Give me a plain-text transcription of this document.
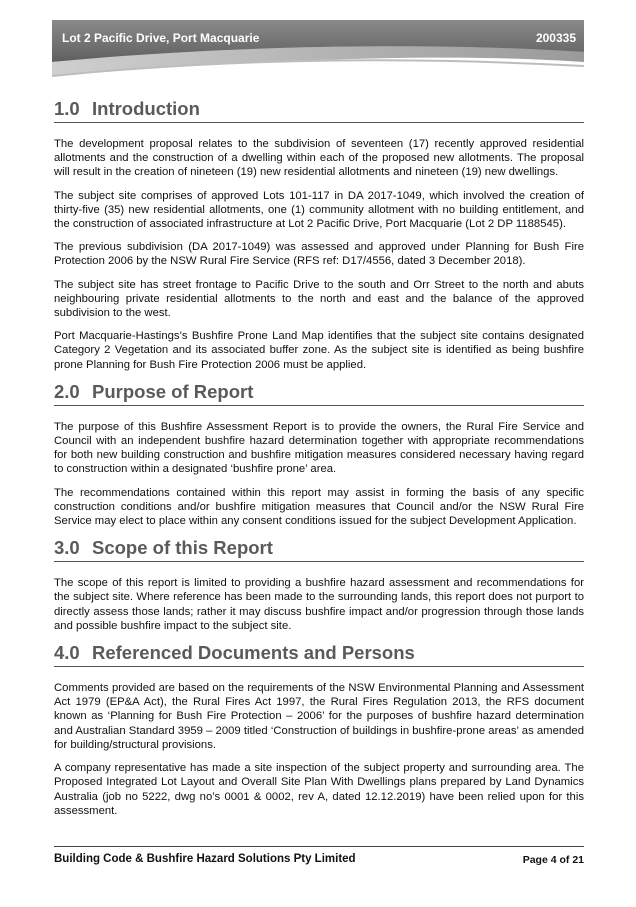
Lot 2 Pacific Drive, Port Macquarie	200335
1.0 Introduction

The development proposal relates to the subdivision of seventeen (17) recently approved residential allotments and the construction of a dwelling within each of the proposed new allotments. The proposal will result in the creation of nineteen (19) new residential allotments and nineteen (19) new dwellings.

The subject site comprises of approved Lots 101-117 in DA 2017-1049, which involved the creation of thirty-five (35) new residential allotments, one (1) community allotment with no building entitlement, and the construction of associated infrastructure at Lot 2 Pacific Drive, Port Macquarie (Lot 2 DP 1188545).

The previous subdivision (DA 2017-1049) was assessed and approved under Planning for Bush Fire Protection 2006 by the NSW Rural Fire Service (RFS ref: D17/4556, dated 3 December 2018).

The subject site has street frontage to Pacific Drive to the south and Orr Street to the north and abuts neighbouring private residential allotments to the north and east and the balance of the approved subdivision to the west.

Port Macquarie-Hastings’s Bushfire Prone Land Map identifies that the subject site contains designated Category 2 Vegetation and its associated buffer zone. As the subject site is identified as being bushfire prone Planning for Bush Fire Protection 2006 must be applied.

2.0 Purpose of Report

The purpose of this Bushfire Assessment Report is to provide the owners, the Rural Fire Service and Council with an independent bushfire hazard determination together with appropriate recommendations for both new building construction and bushfire mitigation measures considered necessary having regard to construction within a designated ‘bushfire prone’ area.

The recommendations contained within this report may assist in forming the basis of any specific construction conditions and/or bushfire mitigation measures that Council and/or the NSW Rural Fire Service may elect to place within any consent conditions issued for the subject Development Application.

3.0 Scope of this Report

The scope of this report is limited to providing a bushfire hazard assessment and recommendations for the subject site. Where reference has been made to the surrounding lands, this report does not purport to directly assess those lands; rather it may discuss bushfire impact and/or progression through those lands and possible bushfire impact to the subject site.

4.0 Referenced Documents and Persons

Comments provided are based on the requirements of the NSW Environmental Planning and Assessment Act 1979 (EP&A Act), the Rural Fires Act 1997, the Rural Fires Regulation 2013, the RFS document known as ‘Planning for Bush Fire Protection – 2006’ for the purposes of bushfire hazard determination and Australian Standard 3959 – 2009 titled ‘Construction of buildings in bushfire-prone areas’ as amended for building/structural provisions.

A company representative has made a site inspection of the subject property and surrounding area. The Proposed Integrated Lot Layout and Overall Site Plan With Dwellings plans prepared by Land Dynamics Australia (job no 5222, dwg no’s 0001 & 0002, rev A, dated 12.12.2019) have been relied upon for this assessment.

Building Code & Bushfire Hazard Solutions Pty Limited	Page 4 of 21
